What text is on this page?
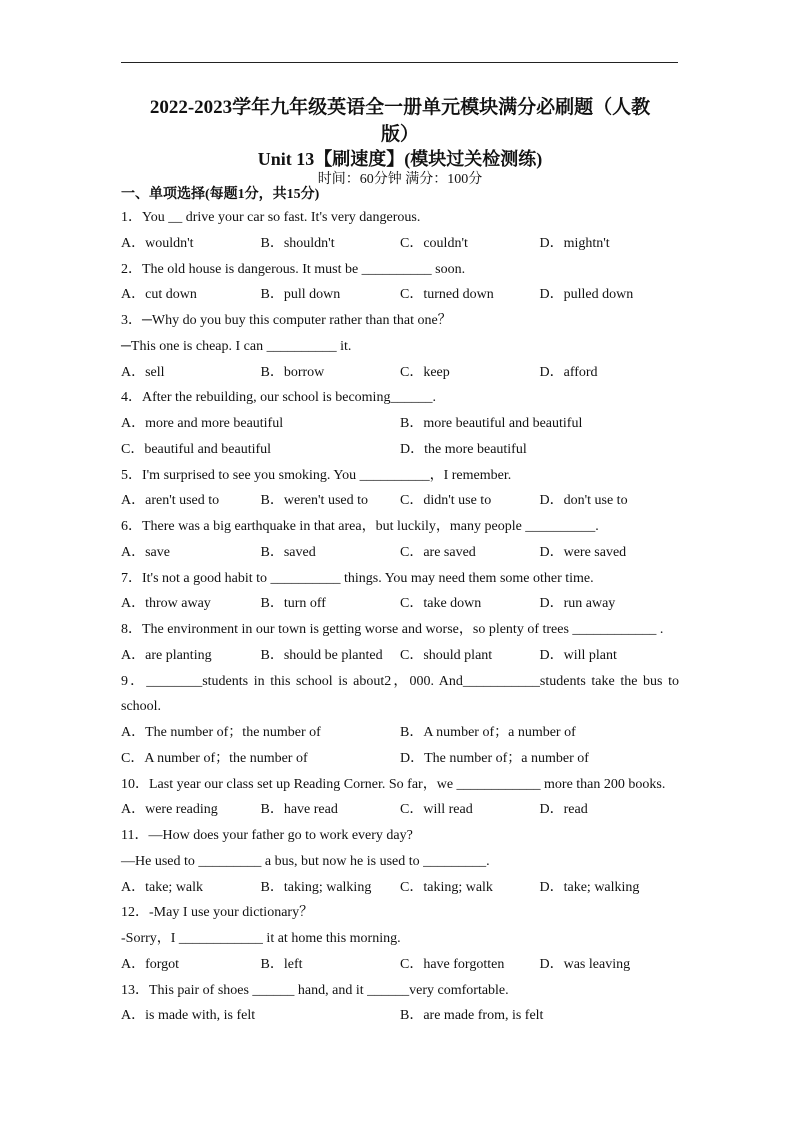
2022-2023学年九年级英语全一册单元模块满分必刷题（人教
版）
Unit 13【刷速度】(模块过关检测练)
时间：60分钟 满分：100分
一、单项选择(每题1分，共15分)
1．You __ drive your car so fast. It's very dangerous.
A．wouldn't	B．shouldn't	C．couldn't	D．mightn't
2．The old house is dangerous. It must be __________ soon.
A．cut down	B．pull down	C．turned down	D．pulled down
3．─Why do you buy this computer rather than that one？
─This one is cheap. I can __________ it.
A．sell	B．borrow	C．keep	D．afford
4．After the rebuilding, our school is becoming______.
A．more and more beautiful	B．more beautiful and beautiful
C．beautiful and beautiful	D．the more beautiful
5．I'm surprised to see you smoking. You __________，I remember.
A．aren't used to	B．weren't used to C．didn't use to	D．don't use to
6．There was a big earthquake in that area，but luckily，many people __________.
A．save	B．saved	C．are saved	D．were saved
7．It's not a good habit to __________ things. You may need them some other time.
A．throw away	B．turn off	C．take down	D．run away
8．The environment in our town is getting worse and worse，so plenty of trees ____________ .
A．are planting	B．should be planted C．should plant	D．will plant
9．________students in this school is about2，000. And___________students take the bus to
school.
A．The number of；the number of	B．A number of；a number of
C．A number of；the number of	D．The number of；a number of
10．Last year our class set up Reading Corner. So far，we ____________ more than 200 books.
A．were reading	B．have read	C．will read	D．read
11．—How does your father go to work every day?
—He used to _________ a bus, but now he is used to _________.
A．take; walk	B．taking; walking C．taking; walk	D．take; walking
12．-May I use your dictionary？
-Sorry，I ____________ it at home this morning.
A．forgot	B．left	C．have forgotten	D．was leaving
13．This pair of shoes ______ hand, and it ______very comfortable.
A．is made with, is felt	B．are made from, is felt
